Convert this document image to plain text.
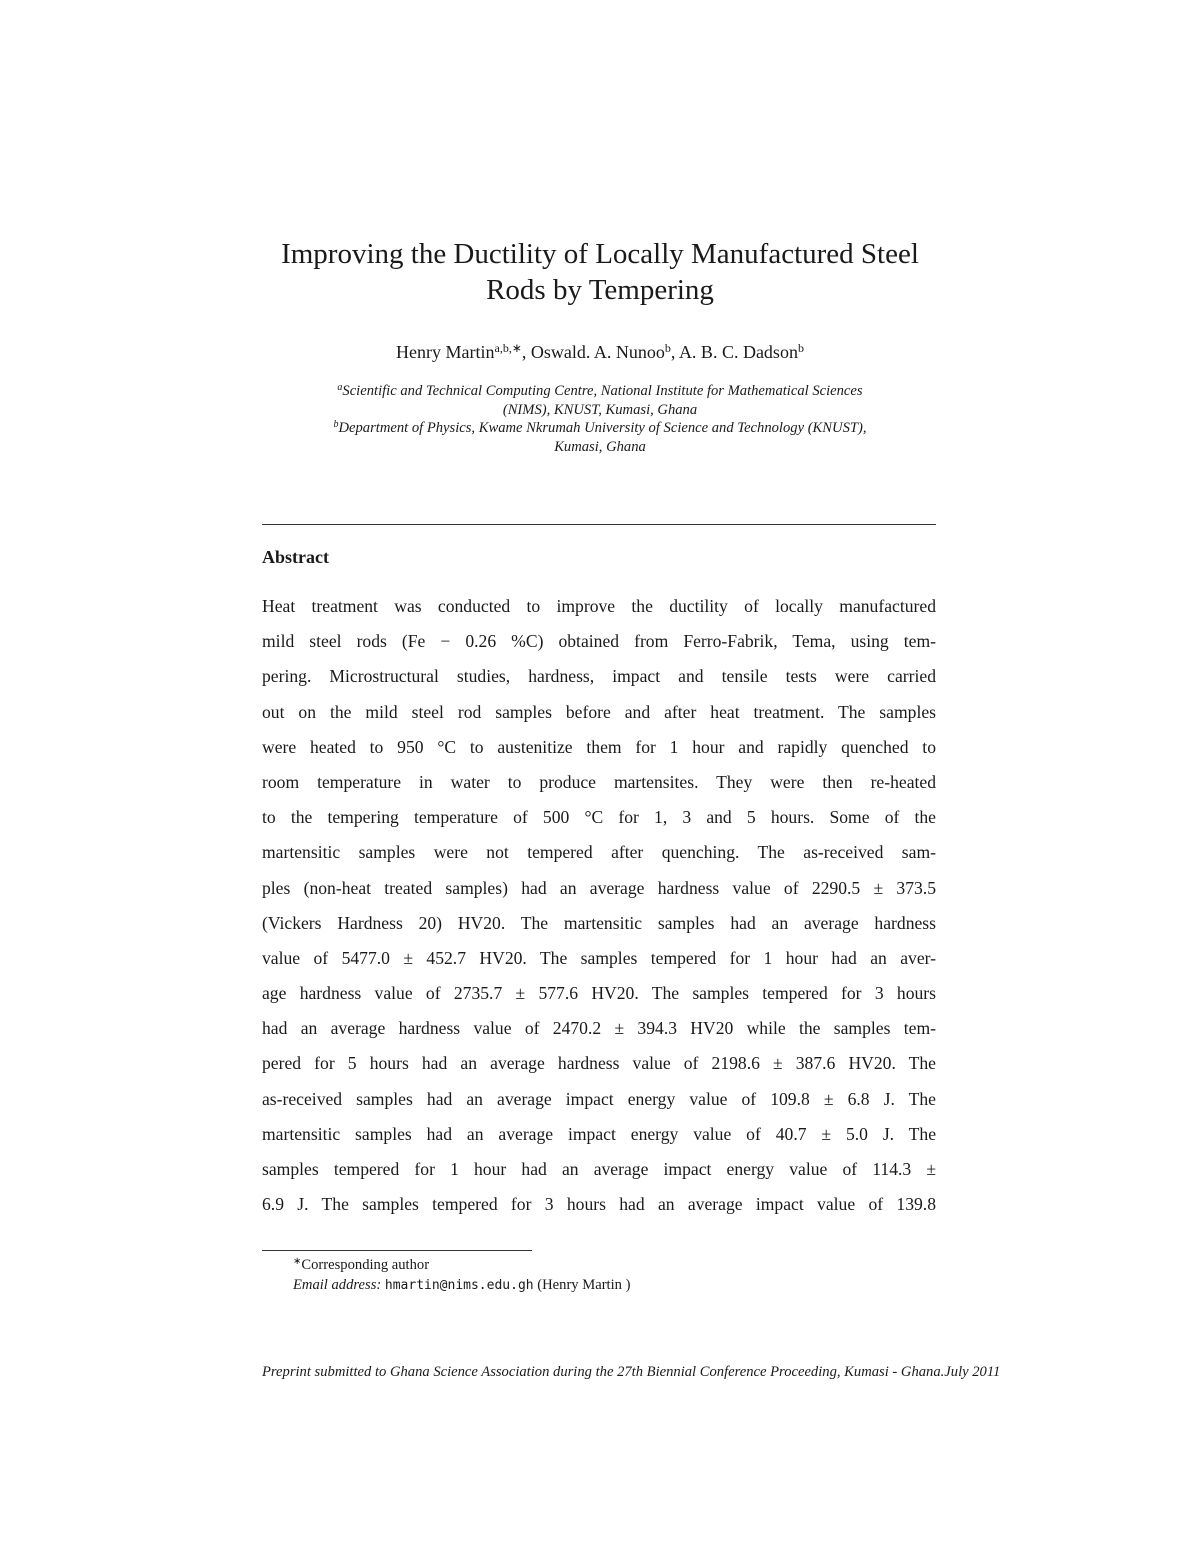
Improving the Ductility of Locally Manufactured Steel
Rods by Tempering
Henry Martin$^{a,b,∗}$, Oswald. A. Nunoo$^b$, A. B. C. Dadson$^b$
$^a$Scientific and Technical Computing Centre, National Institute for Mathematical Sciences
(NIMS), KNUST, Kumasi, Ghana
$^b$Department of Physics, Kwame Nkrumah University of Science and Technology (KNUST),
Kumasi, Ghana
Abstract
Heat treatment was conducted to improve the ductility of locally manufactured
mild steel rods (Fe − 0.26 %C) obtained from Ferro-Fabrik, Tema, using tem-
pering. Microstructural studies, hardness, impact and tensile tests were carried
out on the mild steel rod samples before and after heat treatment. The samples
were heated to 950 °C to austenitize them for 1 hour and rapidly quenched to
room temperature in water to produce martensites. They were then re-heated
to the tempering temperature of 500 °C for 1, 3 and 5 hours. Some of the
martensitic samples were not tempered after quenching. The as-received sam-
ples (non-heat treated samples) had an average hardness value of 2290.5 ± 373.5
(Vickers Hardness 20) HV20. The martensitic samples had an average hardness
value of 5477.0 ± 452.7 HV20. The samples tempered for 1 hour had an aver-
age hardness value of 2735.7 ± 577.6 HV20. The samples tempered for 3 hours
had an average hardness value of 2470.2 ± 394.3 HV20 while the samples tem-
pered for 5 hours had an average hardness value of 2198.6 ± 387.6 HV20. The
as-received samples had an average impact energy value of 109.8 ± 6.8 J. The
martensitic samples had an average impact energy value of 40.7 ± 5.0 J. The
samples tempered for 1 hour had an average impact energy value of 114.3 ±
6.9 J. The samples tempered for 3 hours had an average impact value of 139.8
∗Corresponding author
Email address: hmartin@nims.edu.gh (Henry Martin )
Preprint submitted to Ghana Science Association during the 27th Biennial Conference Proceeding, Kumasi - Ghana.July 2011
